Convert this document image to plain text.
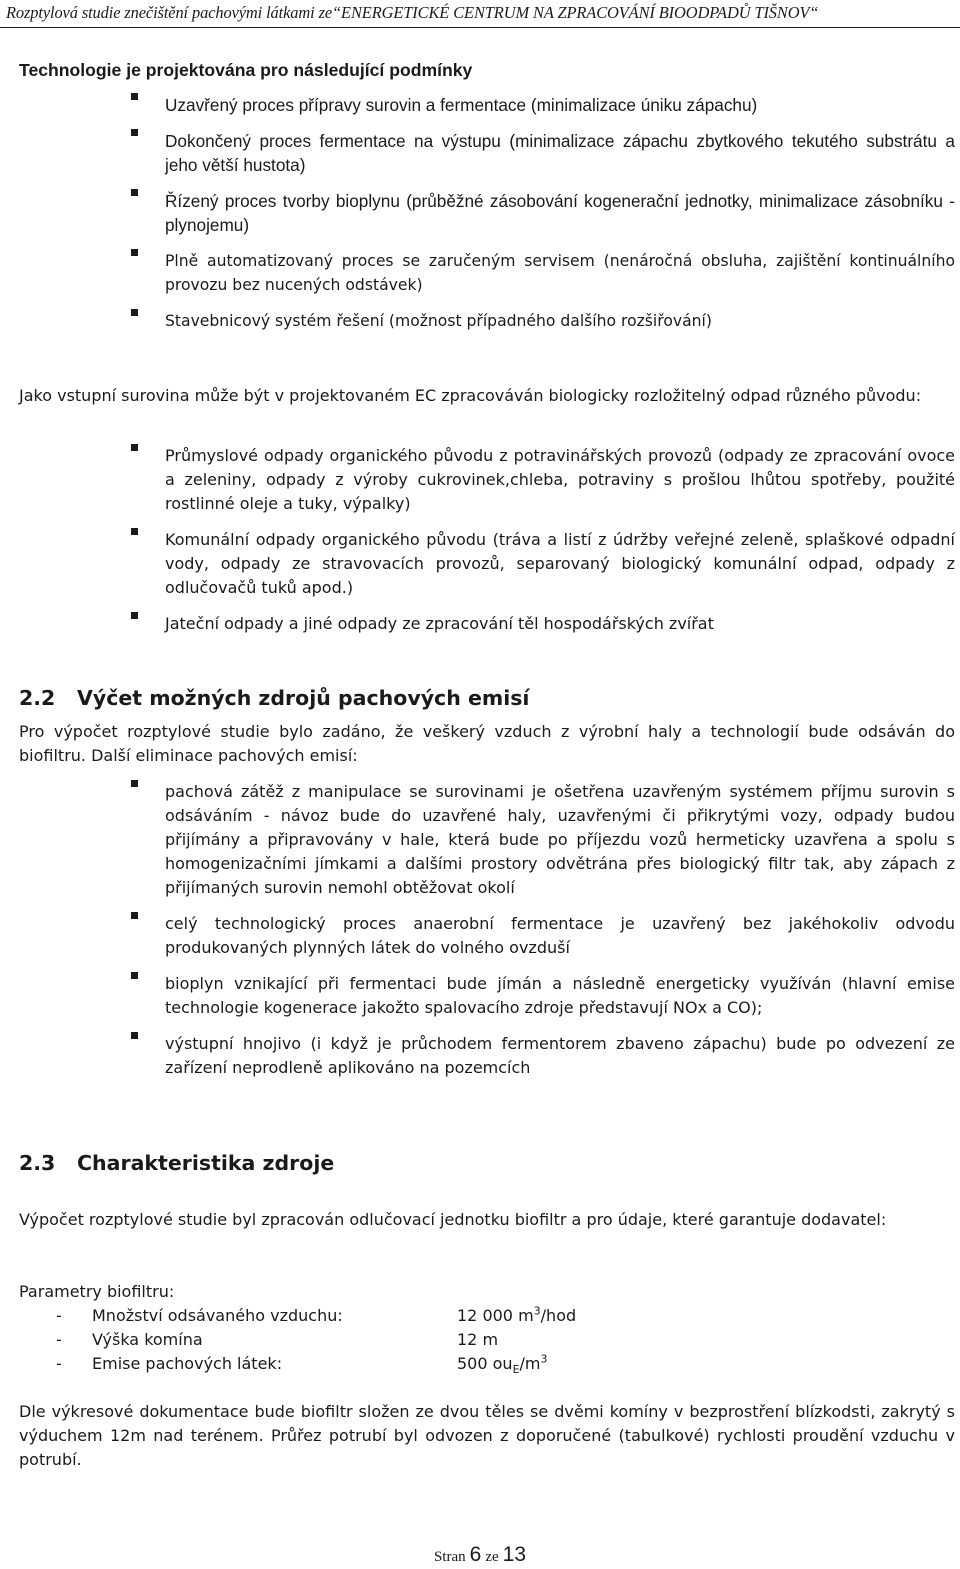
Rozptylová studie znečištění pachovými látkami ze“ENERGETICKÉ CENTRUM NA ZPRACOVÁNÍ BIOODPADŮ TIŠNOV“
Technologie je projektována pro následující podmínky
Uzavřený proces přípravy surovin a fermentace (minimalizace úniku zápachu)
Dokončený proces fermentace na výstupu (minimalizace zápachu zbytkového tekutého substrátu a jeho větší hustota)
Řízený proces tvorby bioplynu (průběžné zásobování kogenerační jednotky, minimalizace zásobníku - plynojemu)
Plně automatizovaný proces se zaručeným servisem (nenáročná obsluha, zajištění kontinuálního provozu bez nucených odstávek)
Stavebnicový systém řešení (možnost případného dalšího rozšiřování)
Jako vstupní surovina může být v projektovaném EC zpracováván biologicky rozložitelný odpad různého původu:
Průmyslové odpady organického původu z potravinářských provozů (odpady ze zpracování ovoce a zeleniny, odpady z výroby cukrovinek,chleba, potraviny s prošlou lhůtou spotřeby, použité rostlinné oleje a tuky, výpalky)
Komunální odpady organického původu (tráva a listí z údržby veřejné zeleně, splaškové odpadní vody, odpady ze stravovacích provozů, separovaný biologický komunální odpad, odpady z odlučovačů tuků apod.)
Jateční odpady a jiné odpady ze zpracování těl hospodářských zvířat
2.2 Výčet možných zdrojů pachových emisí
Pro výpočet rozptylové studie bylo zadáno, že veškerý vzduch z výrobní haly a technologií bude odsáván do biofiltru. Další eliminace pachových emisí:
pachová zátěž z manipulace se surovinami je ošetřena uzavřeným systémem příjmu surovin s odsáváním - návoz bude do uzavřené haly, uzavřenými či přikrytými vozy, odpady budou přijímány a připravovány v hale, která bude po příjezdu vozů hermeticky uzavřena a spolu s homogenizačními jímkami a dalšími prostory odvětrána přes biologický filtr tak, aby zápach z přijímaných surovin nemohl obtěžovat okolí
celý technologický proces anaerobní fermentace je uzavřený bez jakéhokoliv odvodu produkovaných plynných látek do volného ovzduší
bioplyn vznikající při fermentaci bude jímán a následně energeticky využíván (hlavní emise technologie kogenerace jakožto spalovacího zdroje představují NOx a CO);
výstupní hnojivo (i když je průchodem fermentorem zbaveno zápachu) bude po odvezení ze zařízení neprodleně aplikováno na pozemcích
2.3 Charakteristika zdroje
Výpočet rozptylové studie byl zpracován odlučovací jednotku biofiltr a pro údaje, které garantuje dodavatel:
Parametry biofiltru:
- Množství odsávaného vzduchu:	12 000 $m^3$/hod
- Výška komína	12 m
- Emise pachových látek:	500 $ou_E/m^3$
Dle výkresové dokumentace bude biofiltr složen ze dvou těles se dvěmi komíny v bezprostření blízkodsti, zakrytý s výduchem 12m nad terénem. Průřez potrubí byl odvozen z doporučené (tabulkové) rychlosti proudění vzduchu v potrubí.
Stran 6 ze 13
